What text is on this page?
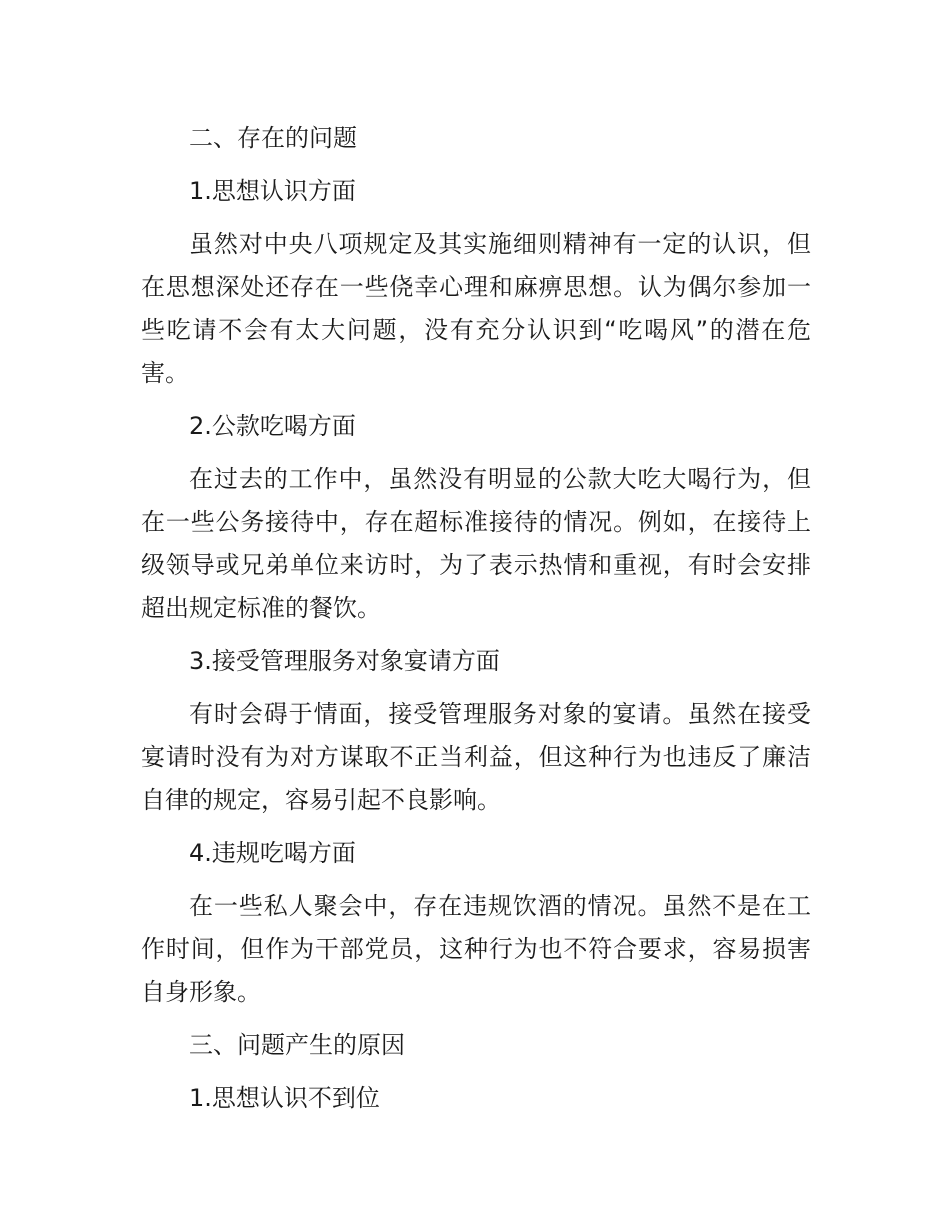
二、存在的问题

1.思想认识方面

虽然对中央八项规定及其实施细则精神有一定的认识，但在思想深处还存在一些侥幸心理和麻痹思想。认为偶尔参加一些吃请不会有太大问题，没有充分认识到“吃喝风”的潜在危害。

2.公款吃喝方面

在过去的工作中，虽然没有明显的公款大吃大喝行为，但在一些公务接待中，存在超标准接待的情况。例如，在接待上级领导或兄弟单位来访时，为了表示热情和重视，有时会安排超出规定标准的餐饮。

3.接受管理服务对象宴请方面

有时会碍于情面，接受管理服务对象的宴请。虽然在接受宴请时没有为对方谋取不正当利益，但这种行为也违反了廉洁自律的规定，容易引起不良影响。

4.违规吃喝方面

在一些私人聚会中，存在违规饮酒的情况。虽然不是在工作时间，但作为干部党员，这种行为也不符合要求，容易损害自身形象。

三、问题产生的原因

1.思想认识不到位
